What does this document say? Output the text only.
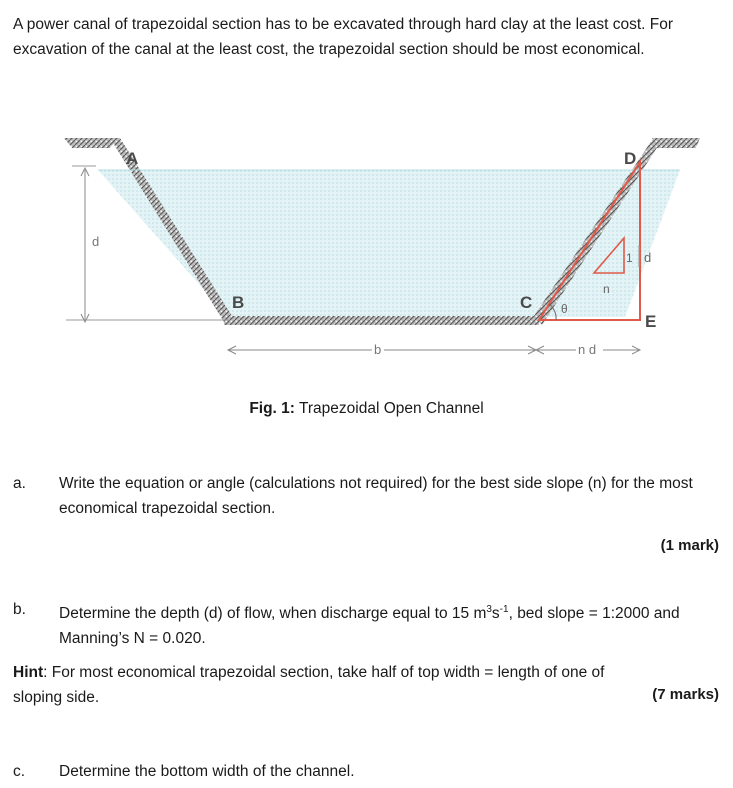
A power canal of trapezoidal section has to be excavated through hard clay at the least cost. For excavation of the canal at the least cost, the trapezoidal section should be most economical.
d
1 d
n
θ
A
B	C
D
E
b	n d
Fig. 1: Trapezoidal Open Channel
a. Write the equation or angle (calculations not required) for the best side slope (n) for the most economical trapezoidal section.
(1 mark)
b. Determine the depth (d) of flow, when discharge equal to 15 $m^3s^{-1}$, bed slope = 1:2000 and Manning’s N = 0.020.
Hint: For most economical trapezoidal section, take half of top width = length of one of sloping side.	(7 marks)
c. Determine the bottom width of the channel.
